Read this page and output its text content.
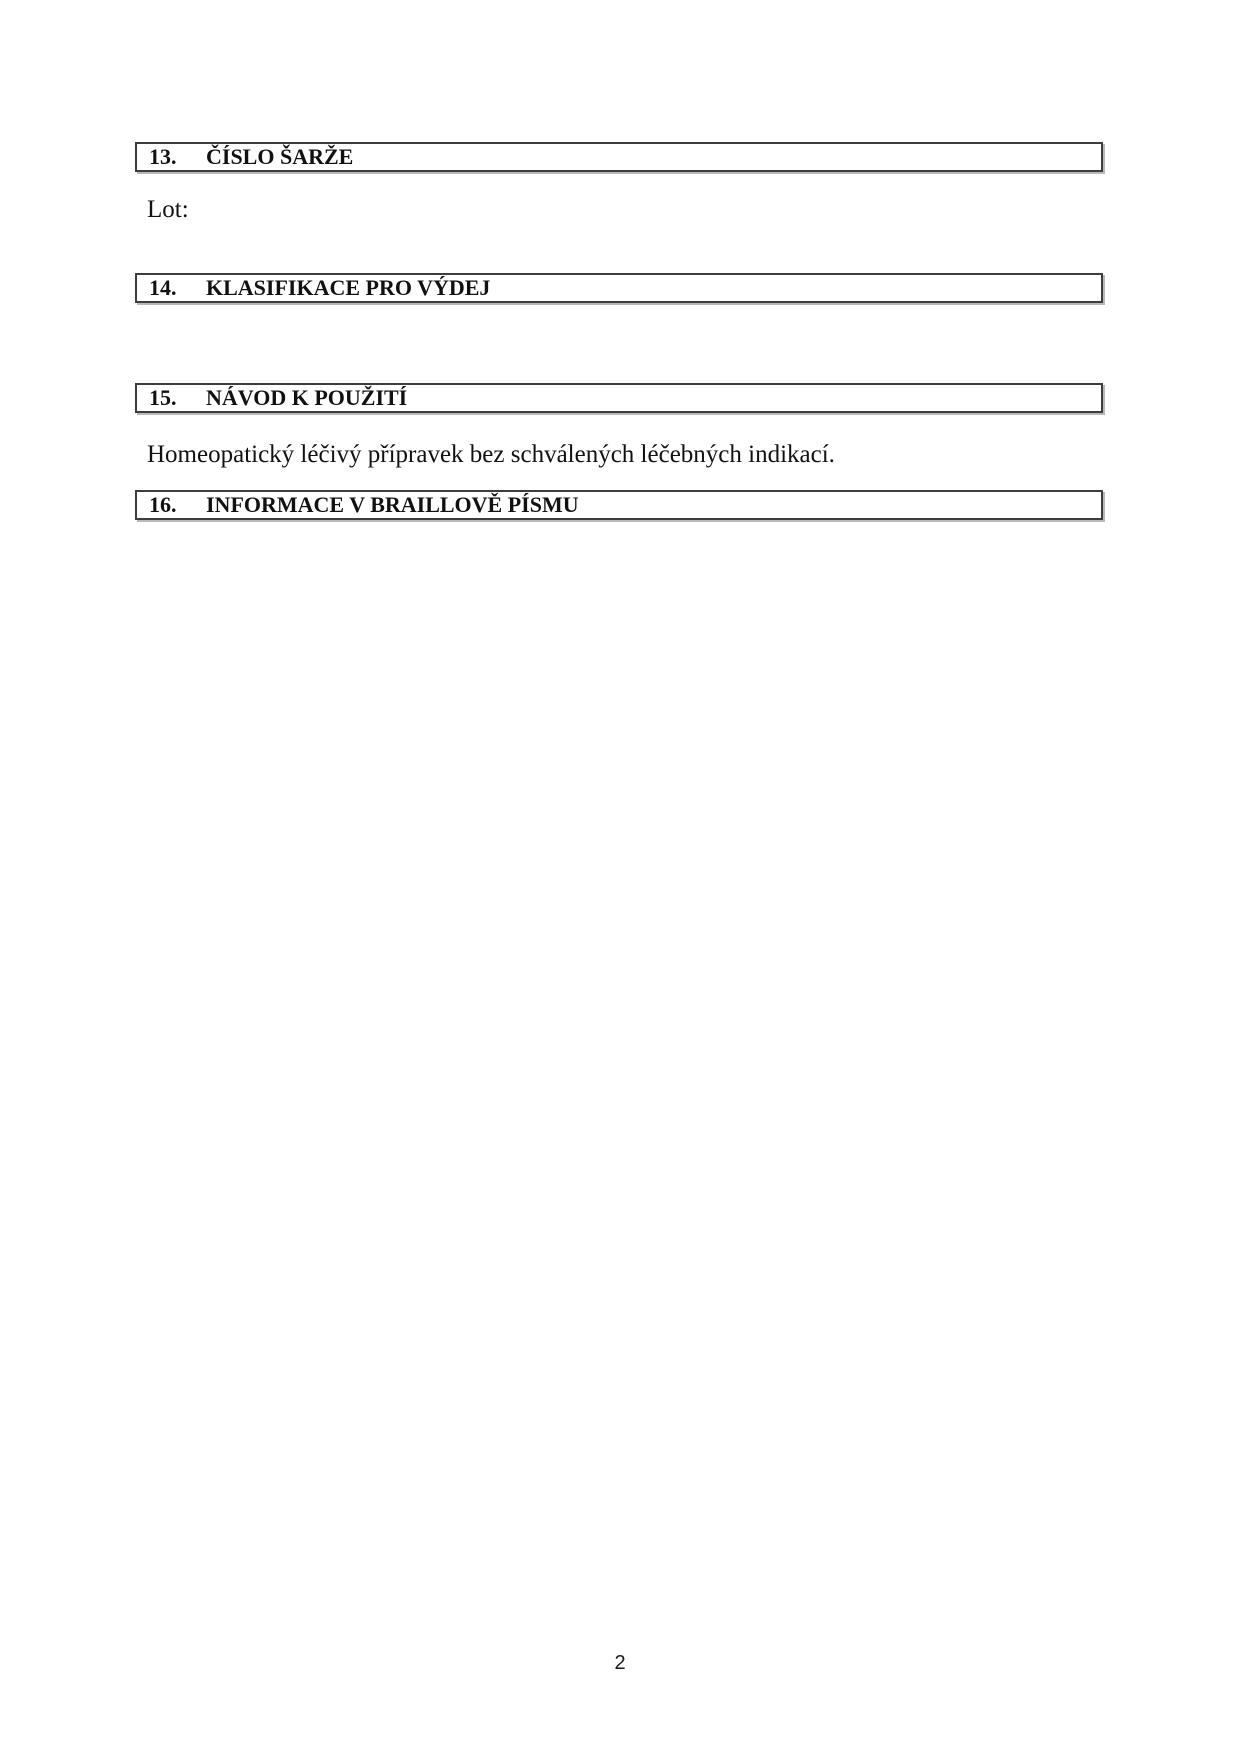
13.	ČÍSLO ŠARŽE
Lot:
14.	KLASIFIKACE PRO VÝDEJ
15.	NÁVOD K POUŽITÍ
Homeopatický léčivý přípravek bez schválených léčebných indikací.
16.	INFORMACE V BRAILLOVĚ PÍSMU
2
